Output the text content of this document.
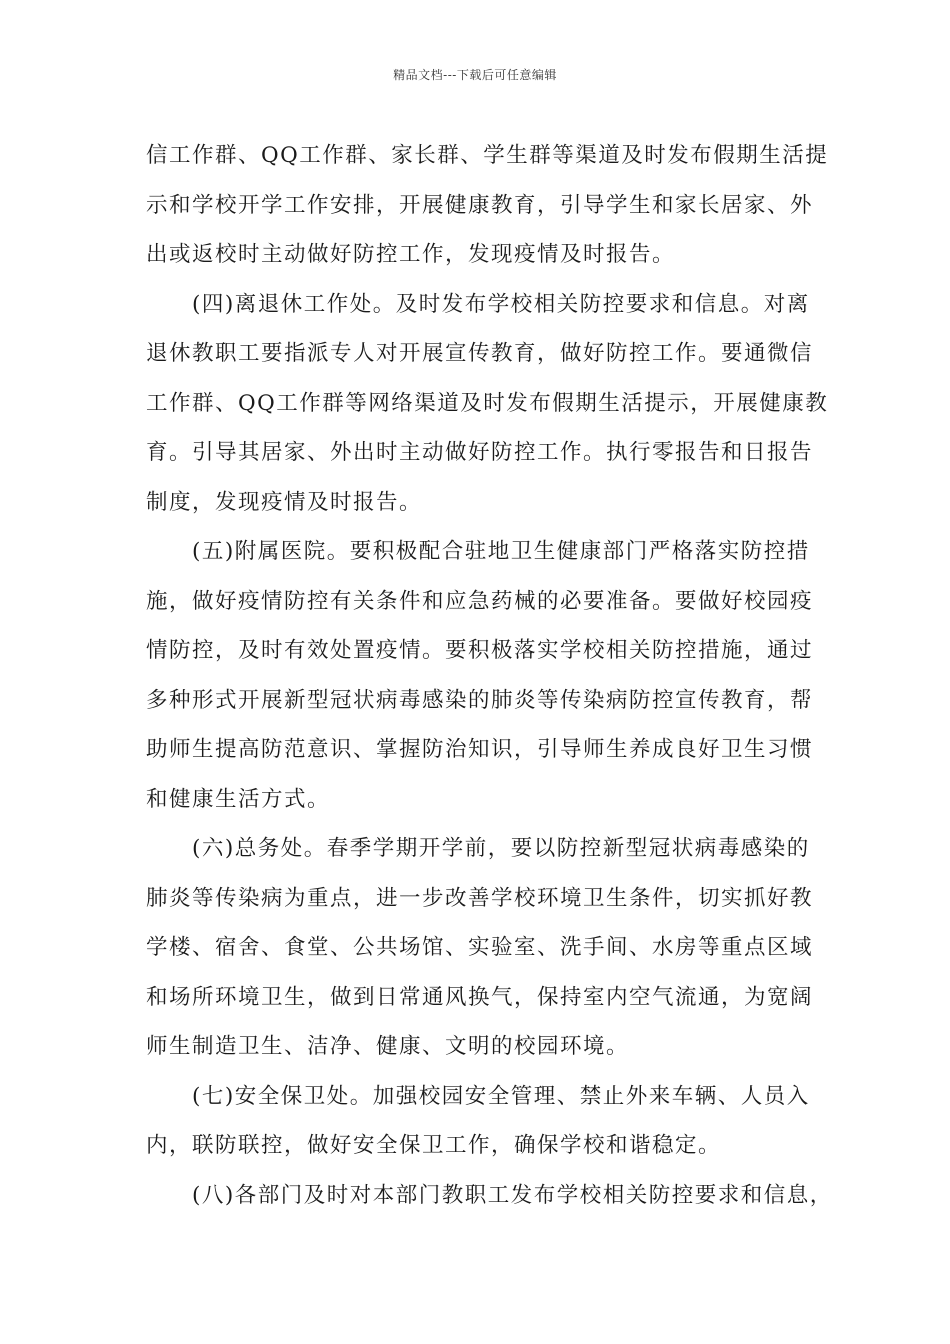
精品文档---下载后可任意编辑

信工作群、QQ工作群、家长群、学生群等渠道及时发布假期生活提
示和学校开学工作安排，开展健康教育，引导学生和家长居家、外
出或返校时主动做好防控工作，发现疫情及时报告。

(四)离退休工作处。及时发布学校相关防控要求和信息。对离
退休教职工要指派专人对开展宣传教育，做好防控工作。要通微信
工作群、QQ工作群等网络渠道及时发布假期生活提示，开展健康教
育。引导其居家、外出时主动做好防控工作。执行零报告和日报告
制度，发现疫情及时报告。

(五)附属医院。要积极配合驻地卫生健康部门严格落实防控措
施，做好疫情防控有关条件和应急药械的必要准备。要做好校园疫
情防控，及时有效处置疫情。要积极落实学校相关防控措施，通过
多种形式开展新型冠状病毒感染的肺炎等传染病防控宣传教育，帮
助师生提高防范意识、掌握防治知识，引导师生养成良好卫生习惯
和健康生活方式。

(六)总务处。春季学期开学前，要以防控新型冠状病毒感染的
肺炎等传染病为重点，进一步改善学校环境卫生条件，切实抓好教
学楼、宿舍、食堂、公共场馆、实验室、洗手间、水房等重点区域
和场所环境卫生，做到日常通风换气，保持室内空气流通，为宽阔
师生制造卫生、洁净、健康、文明的校园环境。

(七)安全保卫处。加强校园安全管理、禁止外来车辆、人员入
内，联防联控，做好安全保卫工作，确保学校和谐稳定。

(八)各部门及时对本部门教职工发布学校相关防控要求和信息，
